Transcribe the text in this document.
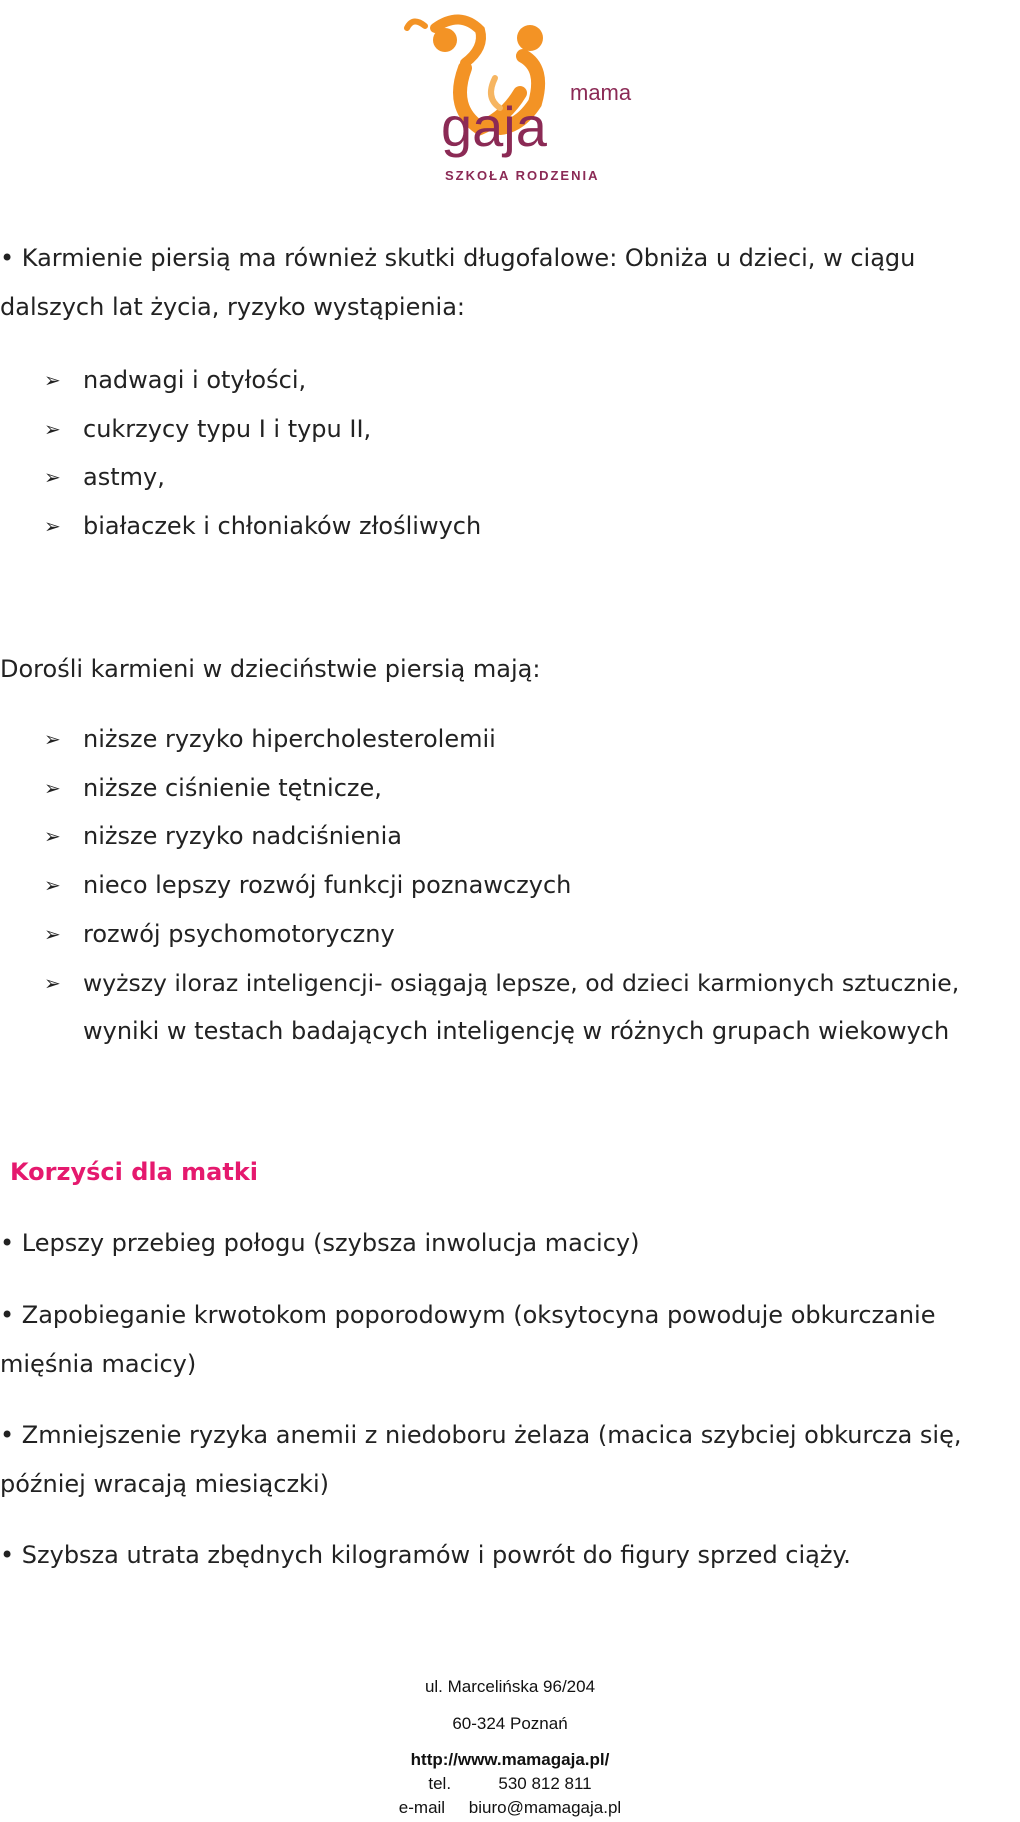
mama
gaja
SZKOŁA RODZENIA
• Karmienie piersią ma również skutki długofalowe: Obniża u dzieci, w ciągu
dalszych lat życia, ryzyko wystąpienia:
➢ nadwagi i otyłości,
➢ cukrzycy typu I i typu II,
➢ astmy,
➢ białaczek i chłoniaków złośliwych
Dorośli karmieni w dzieciństwie piersią mają:
➢ niższe ryzyko hipercholesterolemii
➢ niższe ciśnienie tętnicze,
➢ niższe ryzyko nadciśnienia
➢ nieco lepszy rozwój funkcji poznawczych
➢ rozwój psychomotoryczny
➢ wyższy iloraz inteligencji- osiągają lepsze, od dzieci karmionych sztucznie,
wyniki w testach badających inteligencję w różnych grupach wiekowych
Korzyści dla matki
• Lepszy przebieg połogu (szybsza inwolucja macicy)
• Zapobieganie krwotokom poporodowym (oksytocyna powoduje obkurczanie
mięśnia macicy)
• Zmniejszenie ryzyka anemii z niedoboru żelaza (macica szybciej obkurcza się,
później wracają miesiączki)
• Szybsza utrata zbędnych kilogramów i powrót do figury sprzed ciąży.
ul. Marcelińska 96/204
60-324 Poznań
http://www.mamagaja.pl/
tel.	530 812 811
e-mail biuro@mamagaja.pl
